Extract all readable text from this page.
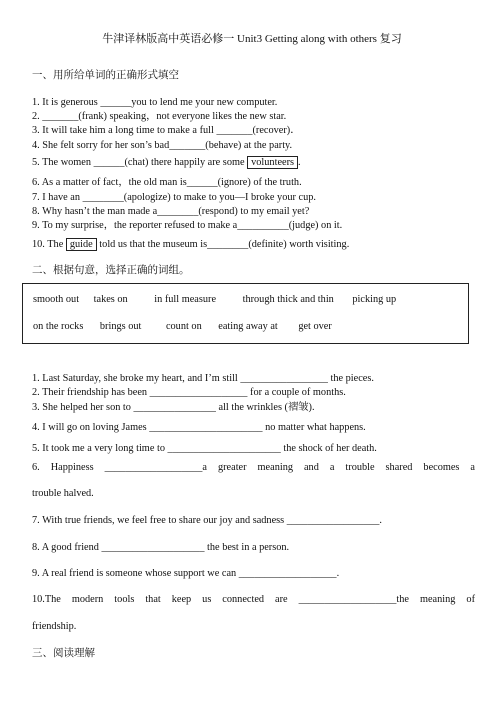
牛津译林版高中英语必修一 Unit3 Getting along with others 复习
一、用所给单词的正确形式填空
1. It is generous ______you to lend me your new computer.
2. _______(frank) speaking，not everyone likes the new star.
3. It will take him a long time to make a full _______(recover)．
4. She felt sorry for her son’s bad_______(behave) at the party.
5. The women ______(chat) there happily are some volunteers .
6. As a matter of fact，the old man is______(ignore) of the truth.
7. I have an ________(apologize) to make to you—I broke your cup.
8. Why hasn’t the man made a________(respond) to my email yet?
9. To my surprise，the reporter refused to make a__________(judge) on it.
10. The guide told us that the museum is________(definite) worth visiting.
二、根据句意，选择正确的词组。
smooth out takes on	in full measure	through thick and thin picking up
on the rocks brings out count on eating away at get over
1. Last Saturday, she broke my heart, and I’m still _________________ the pieces.
2. Their friendship has been ___________________ for a couple of months.
3. She helped her son to ________________ all the wrinkles (褶皱).
4. I will go on loving James ______________________ no matter what happens.
5. It took me a very long time to ______________________ the shock of her death.
6. Happiness ___________________a greater meaning and a trouble shared becomes a
trouble halved.
7. With true friends, we feel free to share our joy and sadness __________________.
8. A good friend ____________________ the best in a person.
9. A real friend is someone whose support we can ___________________.
10.The modern tools that keep us connected are ___________________the meaning of
friendship.
三、阅读理解
